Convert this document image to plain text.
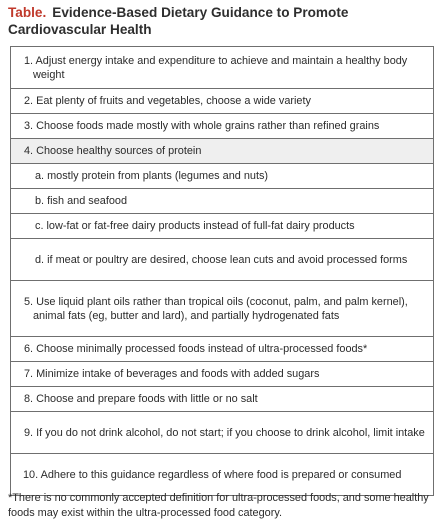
Table. Evidence-Based Dietary Guidance to Promote Cardiovascular Health
1. Adjust energy intake and expenditure to achieve and maintain a healthy body weight
2. Eat plenty of fruits and vegetables, choose a wide variety
3. Choose foods made mostly with whole grains rather than refined grains
4. Choose healthy sources of protein
a. mostly protein from plants (legumes and nuts)
b. fish and seafood
c. low-fat or fat-free dairy products instead of full-fat dairy products
d. if meat or poultry are desired, choose lean cuts and avoid processed forms
5. Use liquid plant oils rather than tropical oils (coconut, palm, and palm kernel), animal fats (eg, butter and lard), and partially hydrogenated fats
6. Choose minimally processed foods instead of ultra-processed foods*
7. Minimize intake of beverages and foods with added sugars
8. Choose and prepare foods with little or no salt
9. If you do not drink alcohol, do not start; if you choose to drink alcohol, limit intake
10. Adhere to this guidance regardless of where food is prepared or consumed
*There is no commonly accepted definition for ultra-processed foods, and some healthy foods may exist within the ultra-processed food category.
